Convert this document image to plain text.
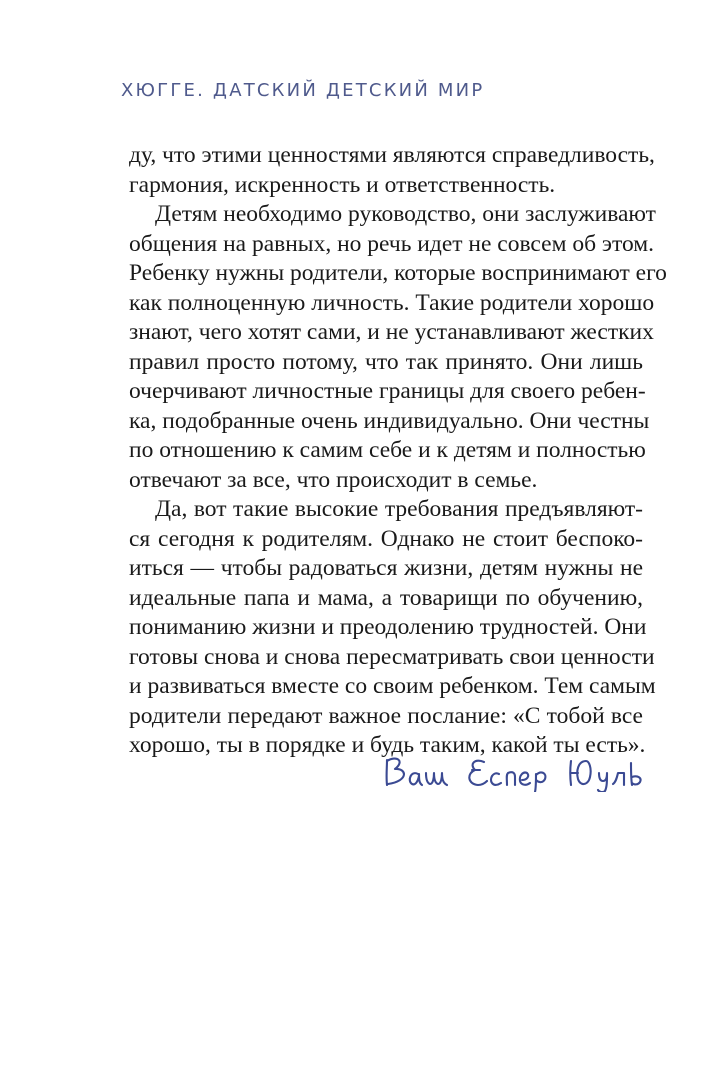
ХЮГГЕ. ДАТСКИЙ ДЕТСКИЙ МИР
ду, что этими ценностями являются справедливость,
гармония, искренность и ответственность.
Детям необходимо руководство, они заслуживают
общения на равных, но речь идет не совсем об этом.
Ребенку нужны родители, которые воспринимают его
как полноценную личность. Такие родители хорошо
знают, чего хотят сами, и не устанавливают жестких
правил просто потому, что так принято. Они лишь
очерчивают личностные границы для своего ребен-
ка, подобранные очень индивидуально. Они честны
по отношению к самим себе и к детям и полностью
отвечают за все, что происходит в семье.
Да, вот такие высокие требования предъявляют-
ся сегодня к родителям. Однако не стоит беспоко-
иться — чтобы радоваться жизни, детям нужны не
идеальные папа и мама, а товарищи по обучению,
пониманию жизни и преодолению трудностей. Они
готовы снова и снова пересматривать свои ценности
и развиваться вместе со своим ребенком. Тем самым
родители передают важное послание: «С тобой все
хорошо, ты в порядке и будь таким, какой ты есть».
